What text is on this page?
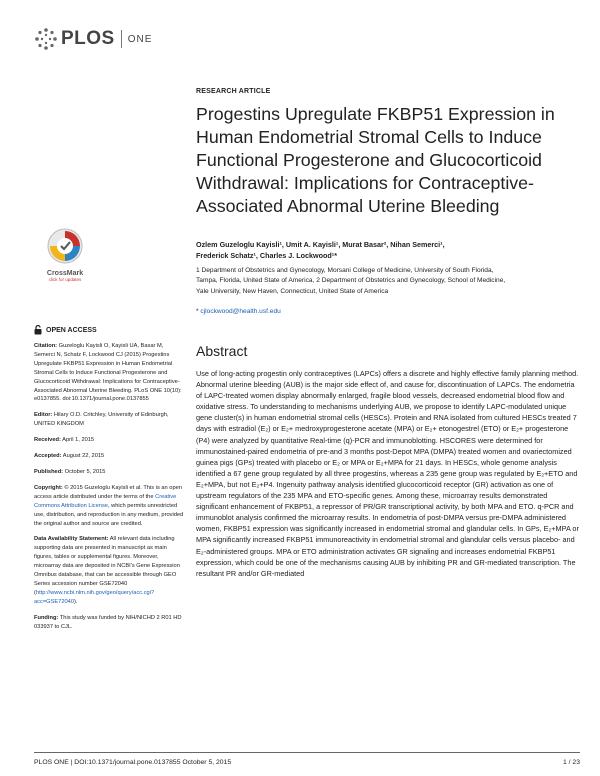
PLOS ONE
RESEARCH ARTICLE
Progestins Upregulate FKBP51 Expression in Human Endometrial Stromal Cells to Induce Functional Progesterone and Glucocorticoid Withdrawal: Implications for Contraceptive-Associated Abnormal Uterine Bleeding
Ozlem Guzeloglu Kayisli¹, Umit A. Kayisli¹, Murat Basar², Nihan Semerci¹,
Frederick Schatz¹, Charles J. Lockwood¹*
1 Department of Obstetrics and Gynecology, Morsani College of Medicine, University of South Florida,
Tampa, Florida, United State of America, 2 Department of Obstetrics and Gynecology, School of Medicine,
Yale University, New Haven, Connecticut, United State of America
* cjlockwood@health.usf.edu
CrossMark
click for updates
OPEN ACCESS
Citation: Guzeloglu Kayisli O, Kayisli UA, Basar M, Semerci N, Schatz F, Lockwood CJ (2015) Progestins Upregulate FKBP51 Expression in Human Endometrial Stromal Cells to Induce Functional Progesterone and Glucocorticoid Withdrawal: Implications for Contraceptive- Associated Abnormal Uterine Bleeding. PLoS ONE 10(10): e0137855. doi:10.1371/journal.pone.0137855
Editor: Hilary O.D. Critchley, University of Edinburgh, UNITED KINGDOM
Received: April 1, 2015
Accepted: August 22, 2015
Published: October 5, 2015
Copyright: © 2015 Guzeloglu Kayisli et al. This is an open access article distributed under the terms of the Creative Commons Attribution License, which permits unrestricted use, distribution, and reproduction in any medium, provided the original author and source are credited.
Data Availability Statement: All relevant data including supporting data are presented in manuscript as main figures, tables or supplemental figures. Moreover, microarray data are deposited in NCBI's Gene Expression Omnibus database, that can be accessible through GEO Series accession number GSE72040 (http://www.ncbi.nlm.nih.gov/geo/query/acc.cgi?acc=GSE72040).
Funding: This study was funded by NIH/NICHD 2 R01 HD 033937 to CJL.
Abstract

Use of long-acting progestin only contraceptives (LAPCs) offers a discrete and highly effective family planning method. Abnormal uterine bleeding (AUB) is the major side effect of, and cause for, discontinuation of LAPCs. The endometria of LAPC-treated women display abnormally enlarged, fragile blood vessels, decreased endometrial blood flow and oxidative stress. To understanding to mechanisms underlying AUB, we propose to identify LAPC-modulated unique gene cluster(s) in human endometrial stromal cells (HESCs). Protein and RNA isolated from cultured HESCs treated 7 days with estradiol (E₂) or E₂+ medroxyprogesterone acetate (MPA) or E₂+ etonogestrel (ETO) or E₂+ progesterone (P4) were analyzed by quantitative Real-time (q)-PCR and immunoblotting. HSCORES were determined for immunostained-paired endometria of pre-and 3 months post-Depot MPA (DMPA) treated women and ovariectomized guinea pigs (GPs) treated with placebo or E₂ or MPA or E₂+MPA for 21 days. In HESCs, whole genome analysis identified a 67 gene group regulated by all three progestins, whereas a 235 gene group was regulated by E₂+ETO and E₂+MPA, but not E₂+P4. Ingenuity pathway analysis identified glucocorticoid receptor (GR) activation as one of upstream regulators of the 235 MPA and ETO-specific genes. Among these, microarray results demonstrated significant enhancement of FKBP51, a repressor of PR/GR transcriptional activity, by both MPA and ETO. q-PCR and immunoblot analysis confirmed the microarray results. In endometria of post-DMPA versus pre-DMPA administered women, FKBP51 expression was significantly increased in endometrial stromal and glandular cells. In GPs, E₂+MPA or MPA significantly increased FKBP51 immunoreactivity in endometrial stromal and glandular cells versus placebo- and E₂-administered groups. MPA or ETO administration activates GR signaling and increases endometrial FKBP51 expression, which could be one of the mechanisms causing AUB by inhibiting PR and GR-mediated transcription. The resultant PR and/or GR-mediated

PLOS ONE | DOI:10.1371/journal.pone.0137855 October 5, 2015	1 / 23
